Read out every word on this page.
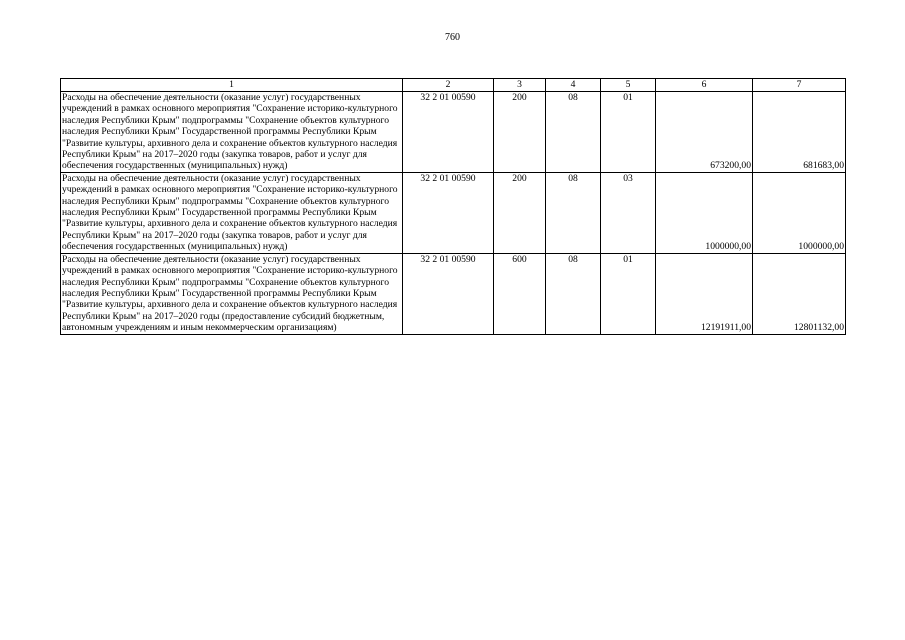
760
1	2	3	4	5	6	7
Расходы на обеспечение деятельности (оказание услуг) государственных учреждений в рамках основного мероприятия "Сохранение историко-культурного наследия Республики Крым" подпрограммы "Сохранение объектов культурного наследия Республики Крым" Государственной программы Республики Крым "Развитие культуры, архивного дела и сохранение объектов культурного наследия Республики Крым" на 2017–2020 годы (закупка товаров, работ и услуг для обеспечения государственных (муниципальных) нужд)	32 2 01 00590	200	08	01	673200,00	681683,00
Расходы на обеспечение деятельности (оказание услуг) государственных учреждений в рамках основного мероприятия "Сохранение историко-культурного наследия Республики Крым" подпрограммы "Сохранение объектов культурного наследия Республики Крым" Государственной программы Республики Крым "Развитие культуры, архивного дела и сохранение объектов культурного наследия Республики Крым" на 2017–2020 годы (закупка товаров, работ и услуг для обеспечения государственных (муниципальных) нужд)	32 2 01 00590	200	08	03	1000000,00	1000000,00
Расходы на обеспечение деятельности (оказание услуг) государственных учреждений в рамках основного мероприятия "Сохранение историко-культурного наследия Республики Крым" подпрограммы "Сохранение объектов культурного наследия Республики Крым" Государственной программы Республики Крым "Развитие культуры, архивного дела и сохранение объектов культурного наследия Республики Крым" на 2017–2020 годы (предоставление субсидий бюджетным, автономным учреждениям и иным некоммерческим организациям)	32 2 01 00590	600	08	01	12191911,00	12801132,00
